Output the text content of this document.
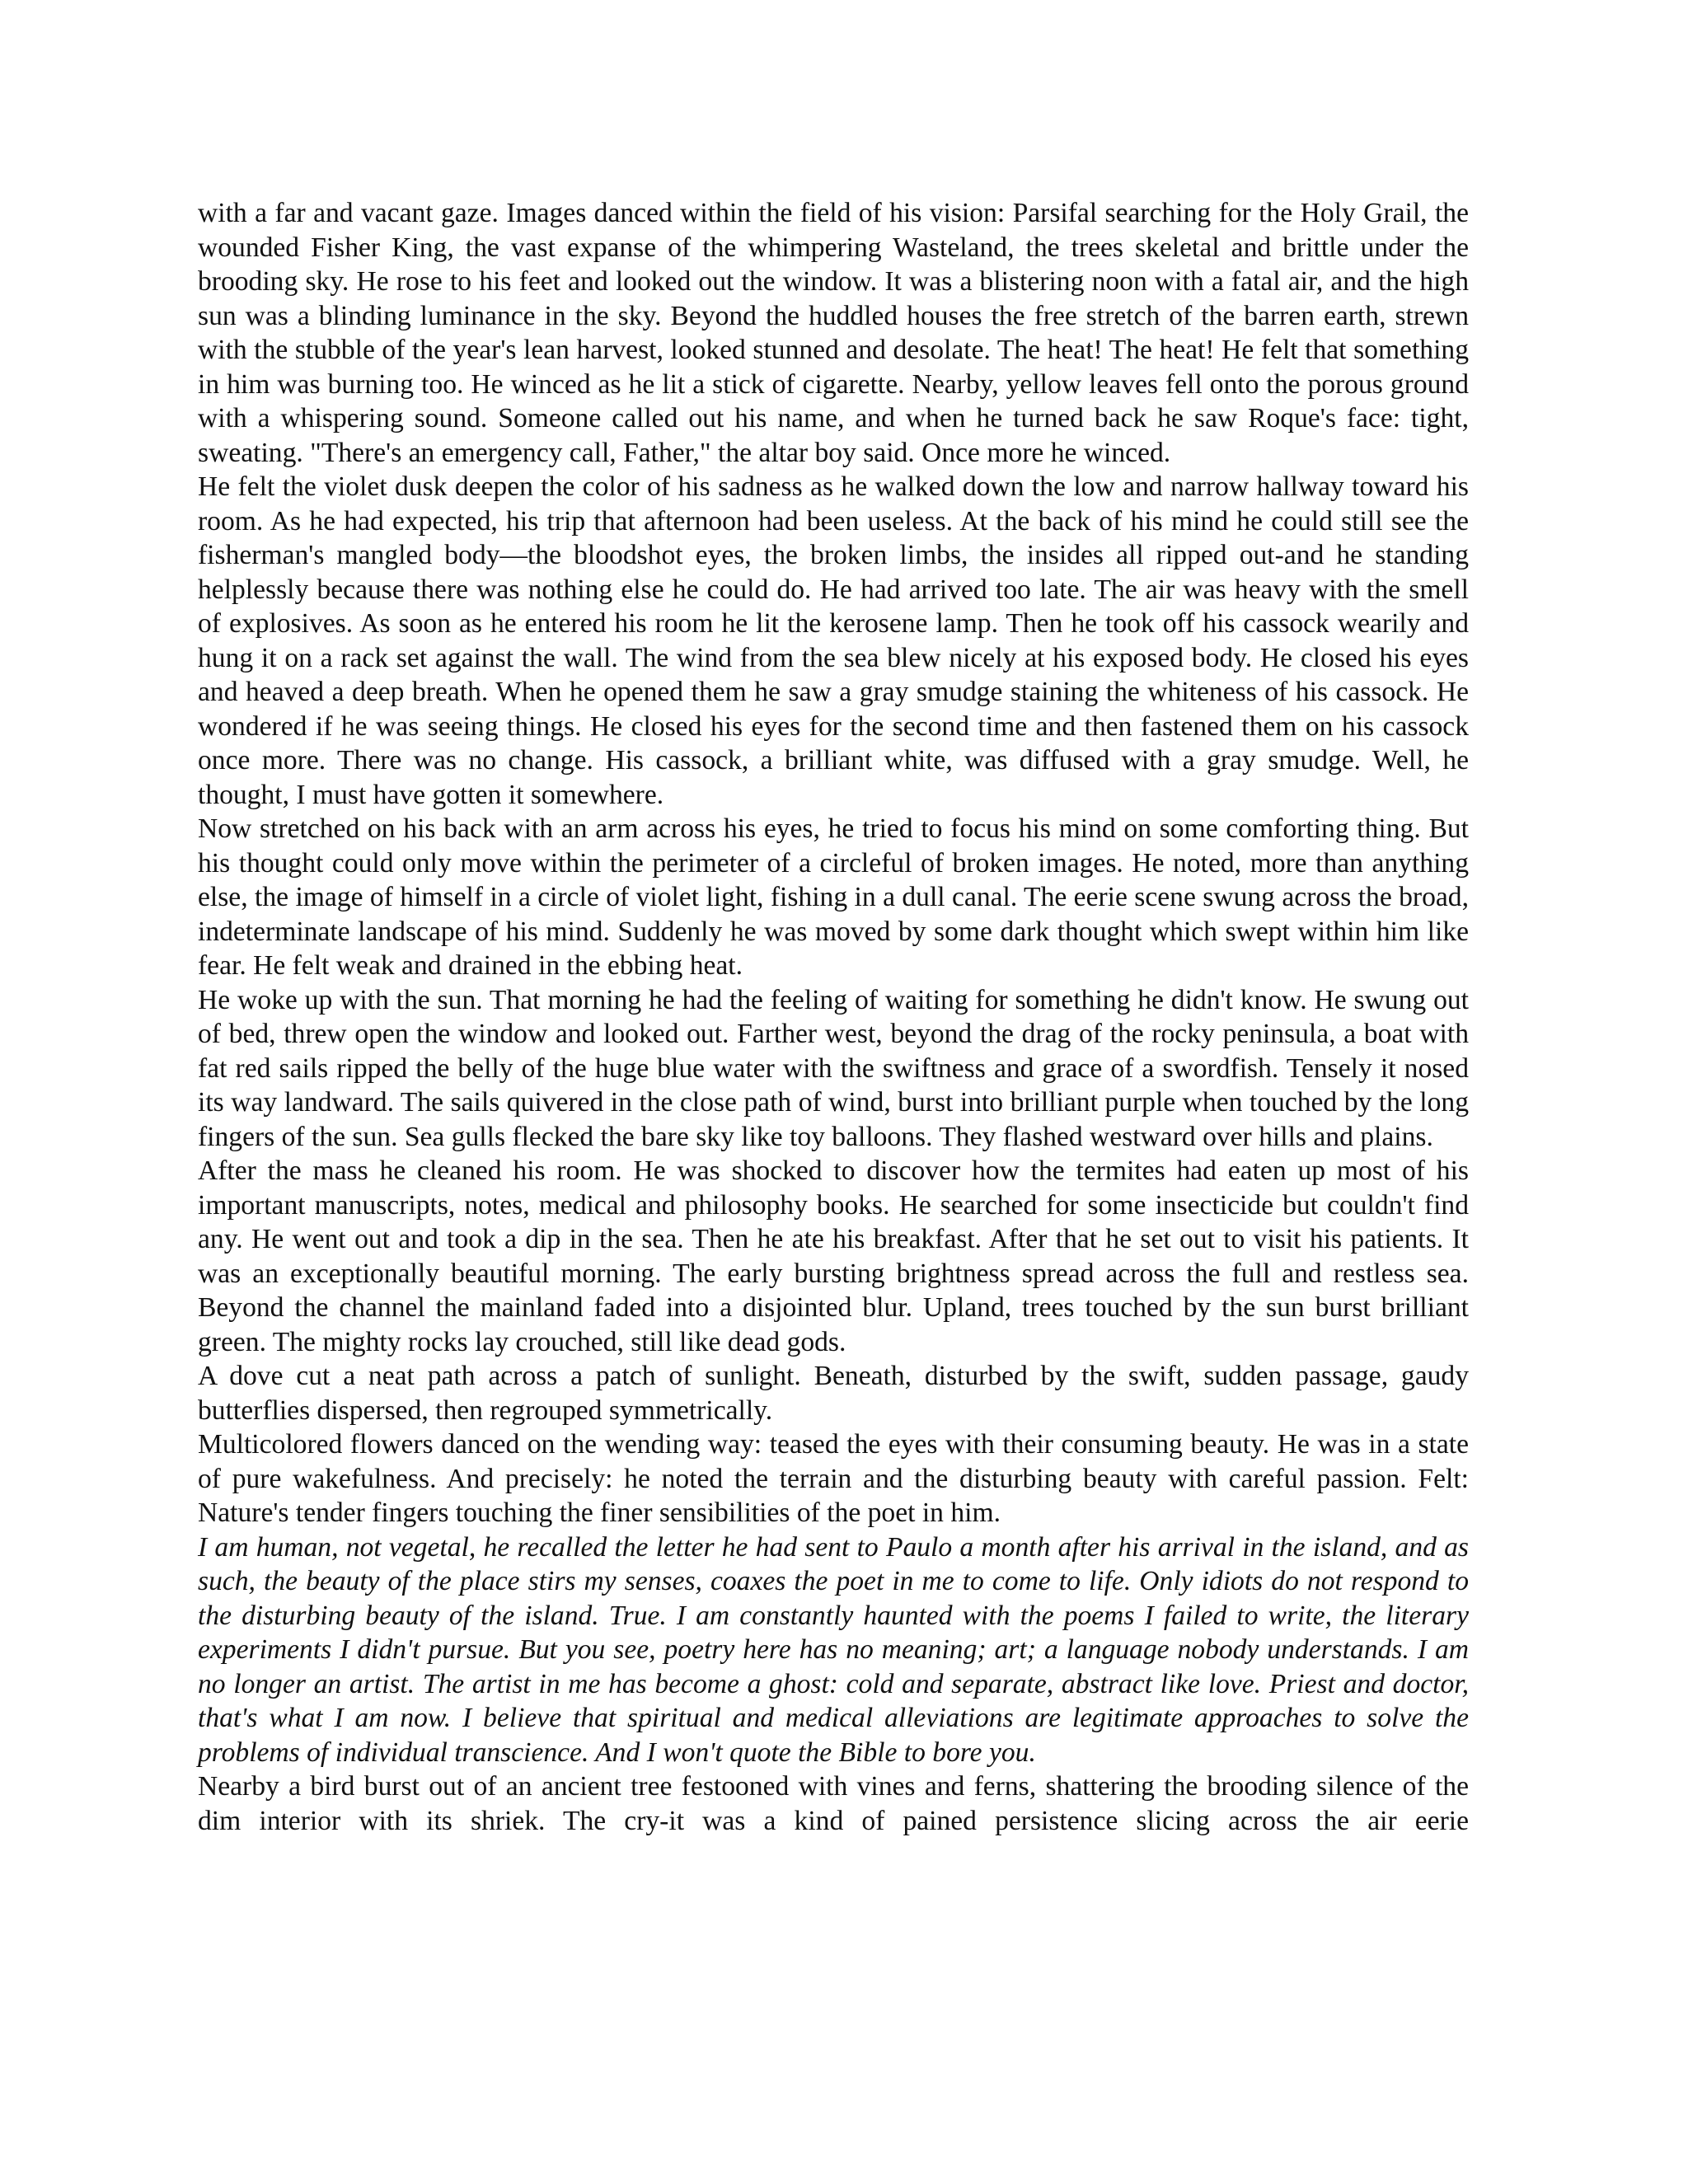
with a far and vacant gaze. Images danced within the field of his vision: Parsifal searching for the Holy Grail, the wounded Fisher King, the vast expanse of the whimpering Wasteland, the trees skeletal and brittle under the brooding sky. He rose to his feet and looked out the window. It was a blistering noon with a fatal air, and the high sun was a blinding luminance in the sky. Beyond the huddled houses the free stretch of the barren earth, strewn with the stubble of the year's lean harvest, looked stunned and desolate. The heat! The heat! He felt that something in him was burning too. He winced as he lit a stick of cigarette. Nearby, yellow leaves fell onto the porous ground with a whispering sound. Someone called out his name, and when he turned back he saw Roque's face: tight, sweating. "There's an emergency call, Father," the altar boy said. Once more he winced.

He felt the violet dusk deepen the color of his sadness as he walked down the low and narrow hallway toward his room. As he had expected, his trip that afternoon had been useless. At the back of his mind he could still see the fisherman's mangled body—the bloodshot eyes, the broken limbs, the insides all ripped out-and he standing helplessly because there was nothing else he could do. He had arrived too late. The air was heavy with the smell of explosives. As soon as he entered his room he lit the kerosene lamp. Then he took off his cassock wearily and hung it on a rack set against the wall. The wind from the sea blew nicely at his exposed body. He closed his eyes and heaved a deep breath. When he opened them he saw a gray smudge staining the whiteness of his cassock. He wondered if he was seeing things. He closed his eyes for the second time and then fastened them on his cassock once more. There was no change. His cassock, a brilliant white, was diffused with a gray smudge. Well, he thought, I must have gotten it somewhere.

Now stretched on his back with an arm across his eyes, he tried to focus his mind on some comforting thing. But his thought could only move within the perimeter of a circleful of broken images. He noted, more than anything else, the image of himself in a circle of violet light, fishing in a dull canal. The eerie scene swung across the broad, indeterminate landscape of his mind. Suddenly he was moved by some dark thought which swept within him like fear. He felt weak and drained in the ebbing heat.

He woke up with the sun. That morning he had the feeling of waiting for something he didn't know. He swung out of bed, threw open the window and looked out. Farther west, beyond the drag of the rocky peninsula, a boat with fat red sails ripped the belly of the huge blue water with the swiftness and grace of a swordfish. Tensely it nosed its way landward. The sails quivered in the close path of wind, burst into brilliant purple when touched by the long fingers of the sun. Sea gulls flecked the bare sky like toy balloons. They flashed westward over hills and plains.

After the mass he cleaned his room. He was shocked to discover how the termites had eaten up most of his important manuscripts, notes, medical and philosophy books. He searched for some insecticide but couldn't find any. He went out and took a dip in the sea. Then he ate his breakfast. After that he set out to visit his patients. It was an exceptionally beautiful morning. The early bursting brightness spread across the full and restless sea. Beyond the channel the mainland faded into a disjointed blur. Upland, trees touched by the sun burst brilliant green. The mighty rocks lay crouched, still like dead gods.

A dove cut a neat path across a patch of sunlight. Beneath, disturbed by the swift, sudden passage, gaudy butterflies dispersed, then regrouped symmetrically.

Multicolored flowers danced on the wending way: teased the eyes with their consuming beauty. He was in a state of pure wakefulness. And precisely: he noted the terrain and the disturbing beauty with careful passion. Felt: Nature's tender fingers touching the finer sensibilities of the poet in him.

I am human, not vegetal, he recalled the letter he had sent to Paulo a month after his arrival in the island, and as such, the beauty of the place stirs my senses, coaxes the poet in me to come to life. Only idiots do not respond to the disturbing beauty of the island. True. I am constantly haunted with the poems I failed to write, the literary experiments I didn't pursue. But you see, poetry here has no meaning; art; a language nobody understands. I am no longer an artist. The artist in me has become a ghost: cold and separate, abstract like love. Priest and doctor, that's what I am now. I believe that spiritual and medical alleviations are legitimate approaches to solve the problems of individual transcience. And I won't quote the Bible to bore you.

Nearby a bird burst out of an ancient tree festooned with vines and ferns, shattering the brooding silence of the dim interior with its shriek. The cry-it was a kind of pained persistence slicing across the air eerie
